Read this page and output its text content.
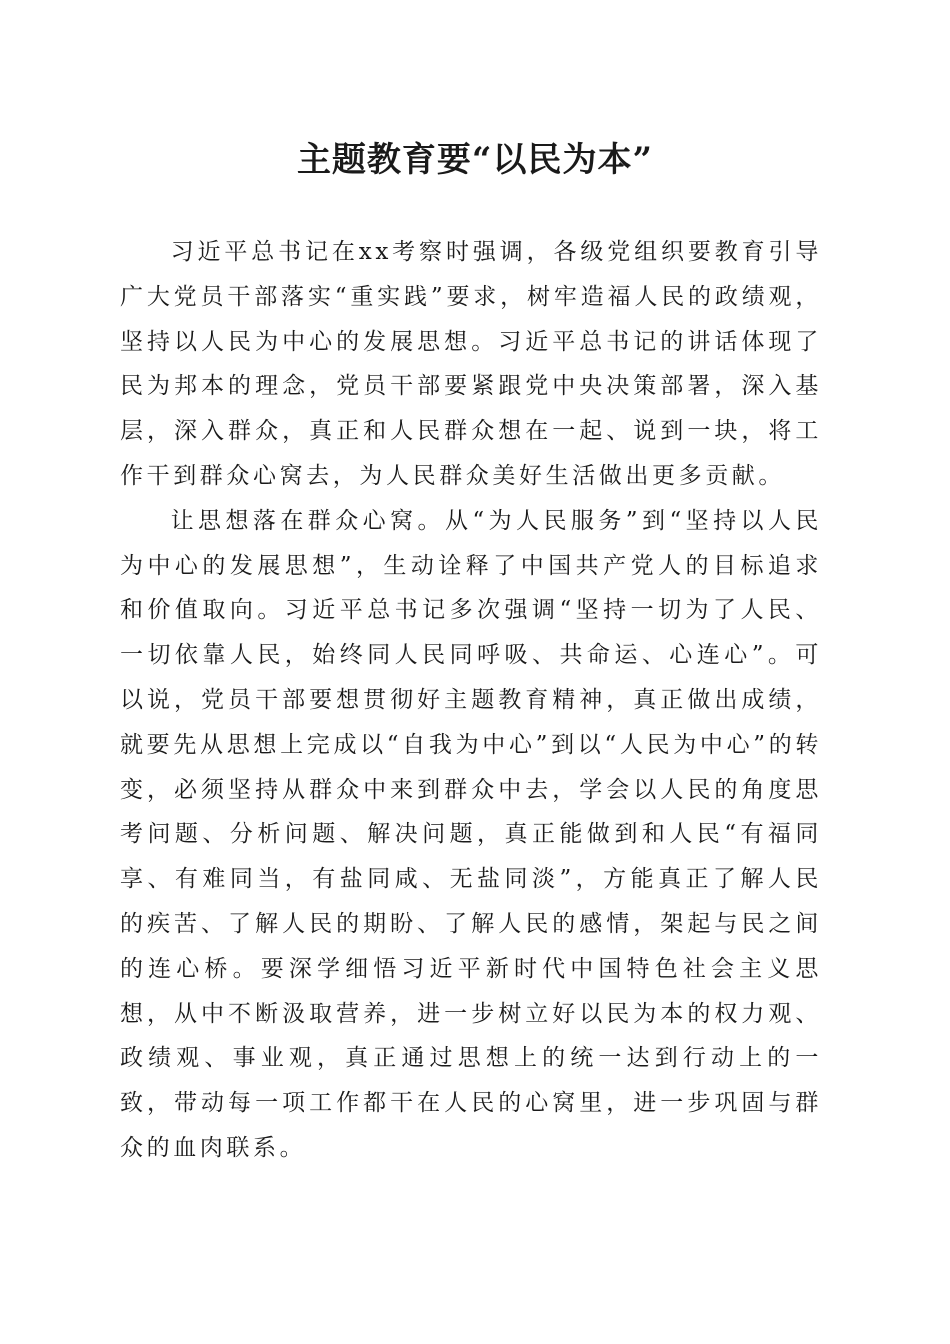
主题教育要“以民为本”

习近平总书记在xx考察时强调，各级党组织要教育引导广大党员干部落实“重实践”要求，树牢造福人民的政绩观，坚持以人民为中心的发展思想。习近平总书记的讲话体现了民为邦本的理念，党员干部要紧跟党中央决策部署，深入基层，深入群众，真正和人民群众想在一起、说到一块，将工作干到群众心窝去，为人民群众美好生活做出更多贡献。

让思想落在群众心窝。从“为人民服务”到“坚持以人民为中心的发展思想”，生动诠释了中国共产党人的目标追求和价值取向。习近平总书记多次强调“坚持一切为了人民、一切依靠人民，始终同人民同呼吸、共命运、心连心”。可以说，党员干部要想贯彻好主题教育精神，真正做出成绩，就要先从思想上完成以“自我为中心”到以“人民为中心”的转变，必须坚持从群众中来到群众中去，学会以人民的角度思考问题、分析问题、解决问题，真正能做到和人民“有福同享、有难同当，有盐同咸、无盐同淡”，方能真正了解人民的疾苦、了解人民的期盼、了解人民的感情，架起与民之间的连心桥。要深学细悟习近平新时代中国特色社会主义思想，从中不断汲取营养，进一步树立好以民为本的权力观、政绩观、事业观，真正通过思想上的统一达到行动上的一致，带动每一项工作都干在人民的心窝里，进一步巩固与群众的血肉联系。
